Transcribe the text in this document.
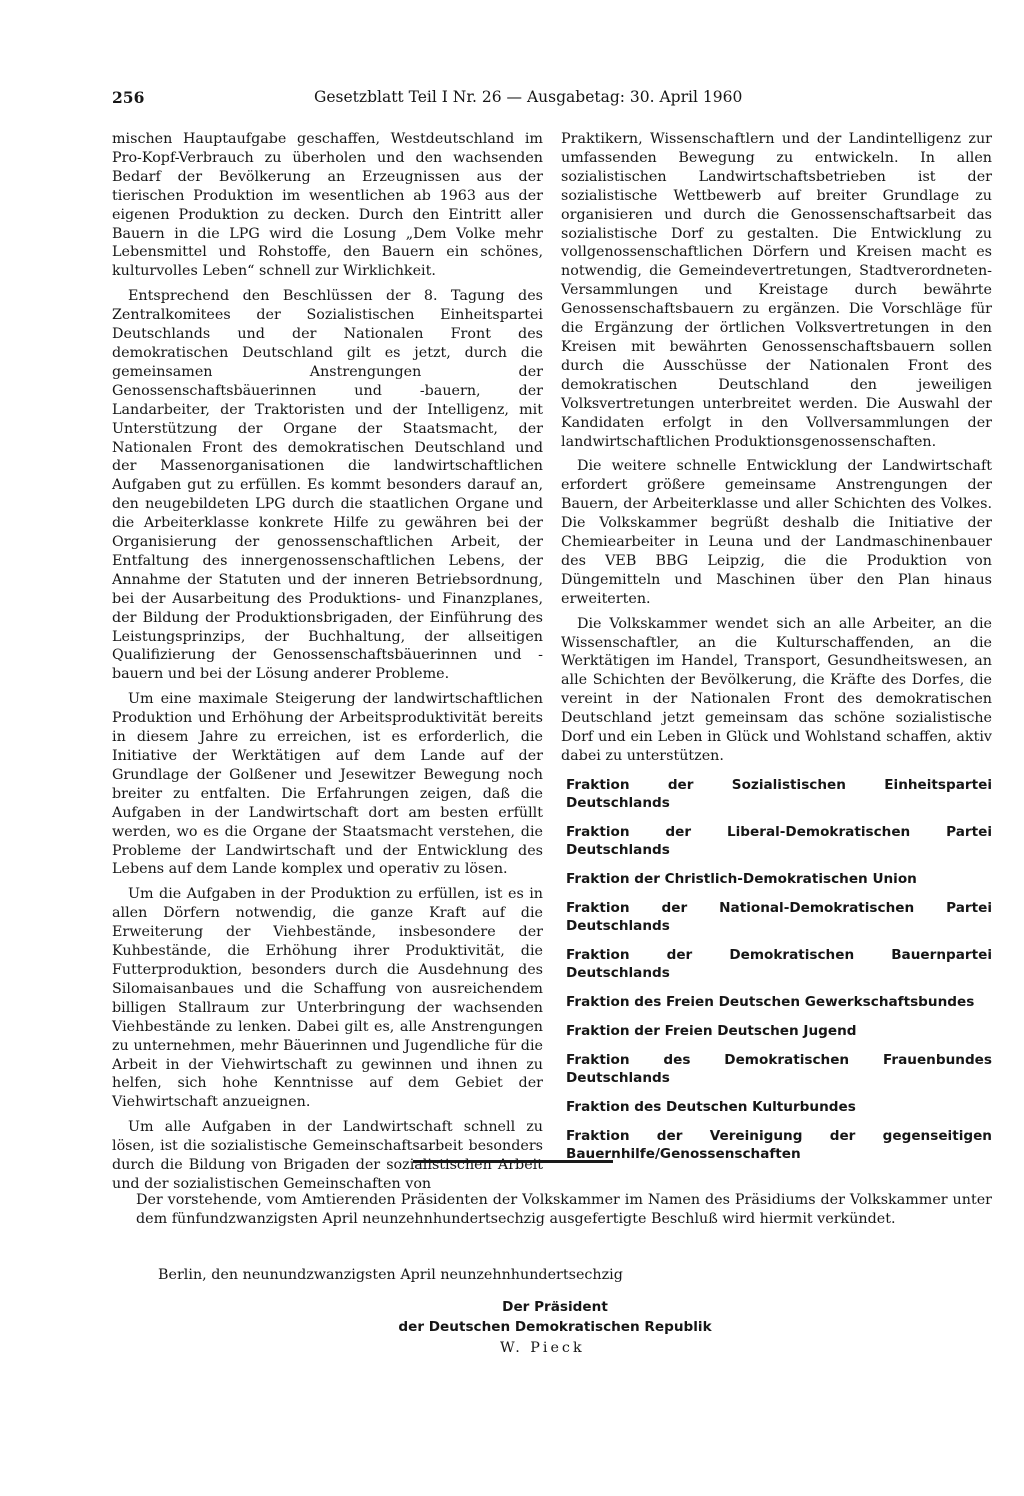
256	Gesetzblatt Teil I Nr. 26 — Ausgabetag: 30. April 1960

mischen Hauptaufgabe geschaffen, Westdeutschland im Pro-Kopf-Verbrauch zu überholen und den wachsenden Bedarf der Bevölkerung an Erzeugnissen aus der tierischen Produktion im wesentlichen ab 1963 aus der eigenen Produktion zu decken. Durch den Eintritt aller Bauern in die LPG wird die Losung „Dem Volke mehr Lebensmittel und Rohstoffe, den Bauern ein schönes, kulturvolles Leben“ schnell zur Wirklichkeit.

Entsprechend den Beschlüssen der 8. Tagung des Zentralkomitees der Sozialistischen Einheitspartei Deutschlands und der Nationalen Front des demokratischen Deutschland gilt es jetzt, durch die gemeinsamen Anstrengungen der Genossenschaftsbäuerinnen und -bauern, der Landarbeiter, der Traktoristen und der Intelligenz, mit Unterstützung der Organe der Staatsmacht, der Nationalen Front des demokratischen Deutschland und der Massenorganisationen die landwirtschaftlichen Aufgaben gut zu erfüllen. Es kommt besonders darauf an, den neugebildeten LPG durch die staatlichen Organe und die Arbeiterklasse konkrete Hilfe zu gewähren bei der Organisierung der genossenschaftlichen Arbeit, der Entfaltung des innergenossenschaftlichen Lebens, der Annahme der Statuten und der inneren Betriebsordnung, bei der Ausarbeitung des Produktions- und Finanzplanes, der Bildung der Produktionsbrigaden, der Einführung des Leistungsprinzips, der Buchhaltung, der allseitigen Qualifizierung der Genossenschaftsbäuerinnen und -bauern und bei der Lösung anderer Probleme.

Um eine maximale Steigerung der landwirtschaftlichen Produktion und Erhöhung der Arbeitsproduktivität bereits in diesem Jahre zu erreichen, ist es erforderlich, die Initiative der Werktätigen auf dem Lande auf der Grundlage der Golßener und Jesewitzer Bewegung noch breiter zu entfalten. Die Erfahrungen zeigen, daß die Aufgaben in der Landwirtschaft dort am besten erfüllt werden, wo es die Organe der Staatsmacht verstehen, die Probleme der Landwirtschaft und der Entwicklung des Lebens auf dem Lande komplex und operativ zu lösen.

Um die Aufgaben in der Produktion zu erfüllen, ist es in allen Dörfern notwendig, die ganze Kraft auf die Erweiterung der Viehbestände, insbesondere der Kuhbestände, die Erhöhung ihrer Produktivität, die Futterproduktion, besonders durch die Ausdehnung des Silomaisanbaues und die Schaffung von ausreichendem billigen Stallraum zur Unterbringung der wachsenden Viehbestände zu lenken. Dabei gilt es, alle Anstrengungen zu unternehmen, mehr Bäuerinnen und Jugendliche für die Arbeit in der Viehwirtschaft zu gewinnen und ihnen zu helfen, sich hohe Kenntnisse auf dem Gebiet der Viehwirtschaft anzueignen.

Um alle Aufgaben in der Landwirtschaft schnell zu lösen, ist die sozialistische Gemeinschaftsarbeit besonders durch die Bildung von Brigaden der sozialistischen Arbeit und der sozialistischen Gemeinschaften von

Praktikern, Wissenschaftlern und der Landintelligenz zur umfassenden Bewegung zu entwickeln. In allen sozialistischen Landwirtschaftsbetrieben ist der sozialistische Wettbewerb auf breiter Grundlage zu organisieren und durch die Genossenschaftsarbeit das sozialistische Dorf zu gestalten. Die Entwicklung zu vollgenossenschaftlichen Dörfern und Kreisen macht es notwendig, die Gemeindevertretungen, Stadtverordneten-Versammlungen und Kreistage durch bewährte Genossenschaftsbauern zu ergänzen. Die Vorschläge für die Ergänzung der örtlichen Volksvertretungen in den Kreisen mit bewährten Genossenschaftsbauern sollen durch die Ausschüsse der Nationalen Front des demokratischen Deutschland den jeweiligen Volksvertretungen unterbreitet werden. Die Auswahl der Kandidaten erfolgt in den Vollversammlungen der landwirtschaftlichen Produktionsgenossenschaften.

Die weitere schnelle Entwicklung der Landwirtschaft erfordert größere gemeinsame Anstrengungen der Bauern, der Arbeiterklasse und aller Schichten des Volkes. Die Volkskammer begrüßt deshalb die Initiative der Chemiearbeiter in Leuna und der Landmaschinenbauer des VEB BBG Leipzig, die die Produktion von Düngemitteln und Maschinen über den Plan hinaus erweiterten.

Die Volkskammer wendet sich an alle Arbeiter, an die Wissenschaftler, an die Kulturschaffenden, an die Werktätigen im Handel, Transport, Gesundheitswesen, an alle Schichten der Bevölkerung, die Kräfte des Dorfes, die vereint in der Nationalen Front des demokratischen Deutschland jetzt gemeinsam das schöne sozialistische Dorf und ein Leben in Glück und Wohlstand schaffen, aktiv dabei zu unterstützen.

Fraktion der Sozialistischen Einheitspartei Deutschlands
Fraktion der Liberal-Demokratischen Partei Deutschlands
Fraktion der Christlich-Demokratischen Union
Fraktion der National-Demokratischen Partei Deutschlands
Fraktion der Demokratischen Bauernpartei Deutschlands
Fraktion des Freien Deutschen Gewerkschaftsbundes
Fraktion der Freien Deutschen Jugend
Fraktion des Demokratischen Frauenbundes Deutschlands
Fraktion des Deutschen Kulturbundes
Fraktion der Vereinigung der gegenseitigen Bauernhilfe/Genossenschaften

Der vorstehende, vom Amtierenden Präsidenten der Volkskammer im Namen des Präsidiums der Volkskammer unter dem fünfundzwanzigsten April neunzehnhundertsechzig ausgefertigte Beschluß wird hiermit verkündet.

Berlin, den neunundzwanzigsten April neunzehnhundertsechzig
Der Präsident
der Deutschen Demokratischen Republik
W. Pieck
